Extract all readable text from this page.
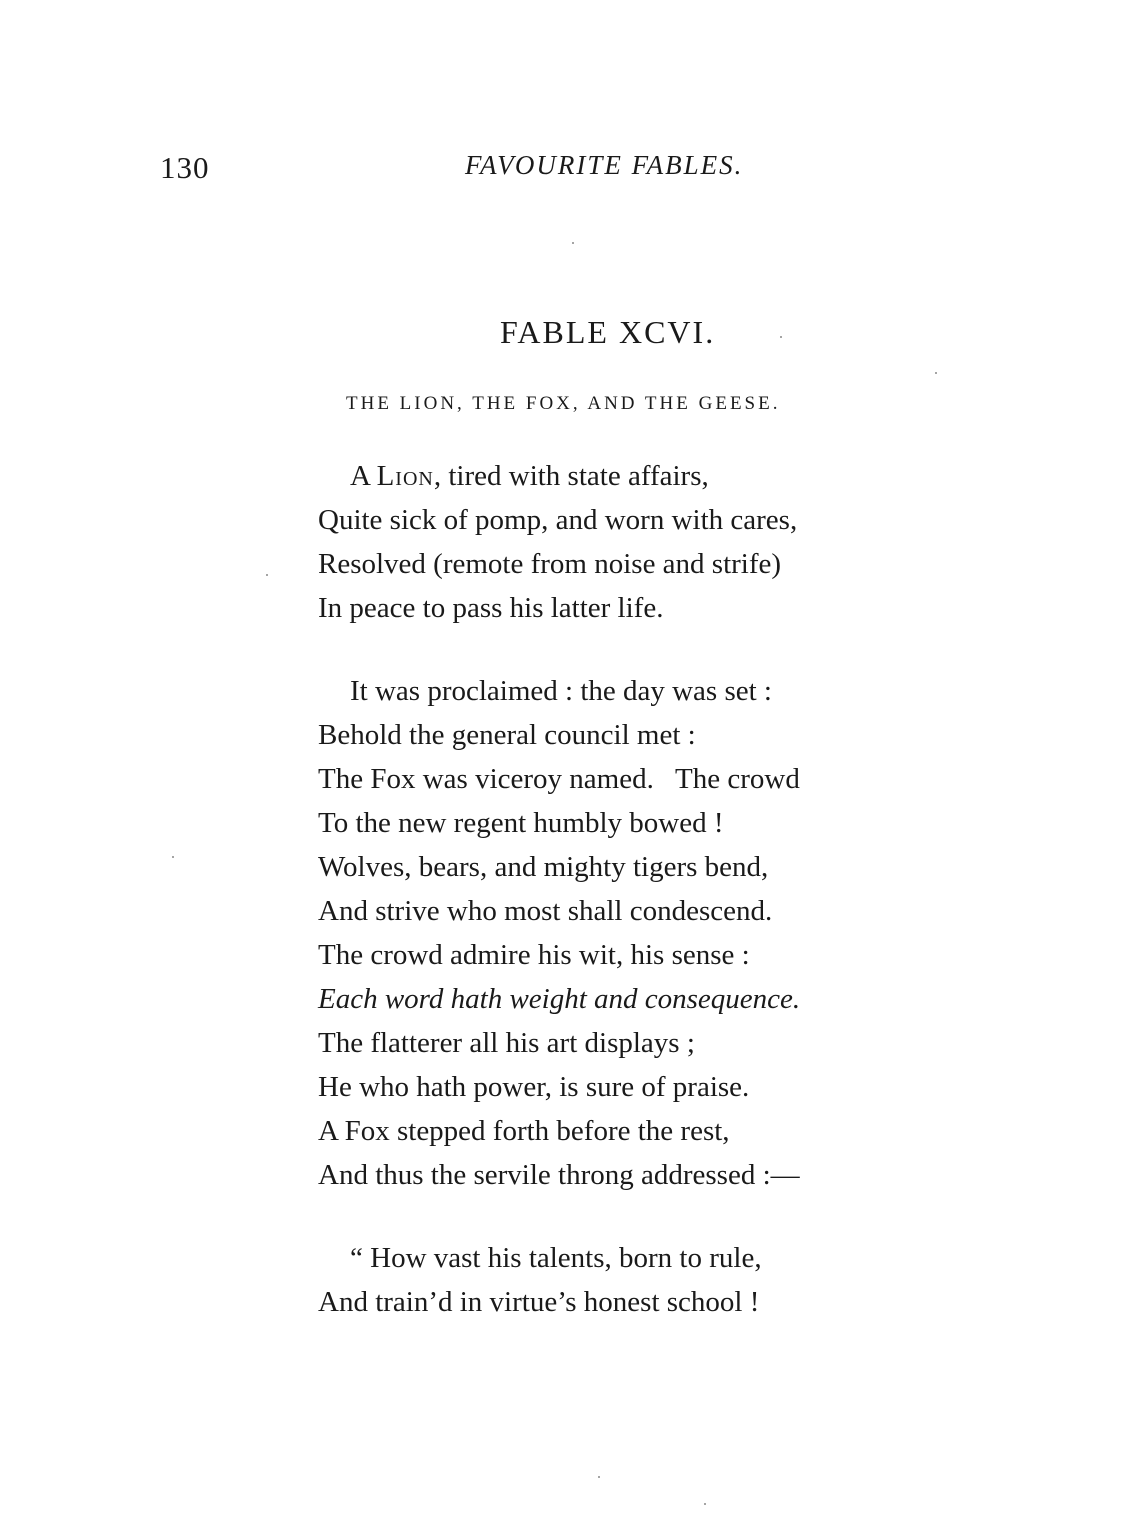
130	FAVOURITE FABLES.
FABLE XCVI.
THE LION, THE FOX, AND THE GEESE.
A Lion, tired with state affairs,
Quite sick of pomp, and worn with cares,
Resolved (remote from noise and strife)
In peace to pass his latter life.
It was proclaimed : the day was set :
Behold the general council met :
The Fox was viceroy named.   The crowd
To the new regent humbly bowed !
Wolves, bears, and mighty tigers bend,
And strive who most shall condescend.
The crowd admire his wit, his sense :
Each word hath weight and consequence.
The flatterer all his art displays ;
He who hath power, is sure of praise.
A Fox stepped forth before the rest,
And thus the servile throng addressed :—
“ How vast his talents, born to rule,
And train’d in virtue’s honest school !
